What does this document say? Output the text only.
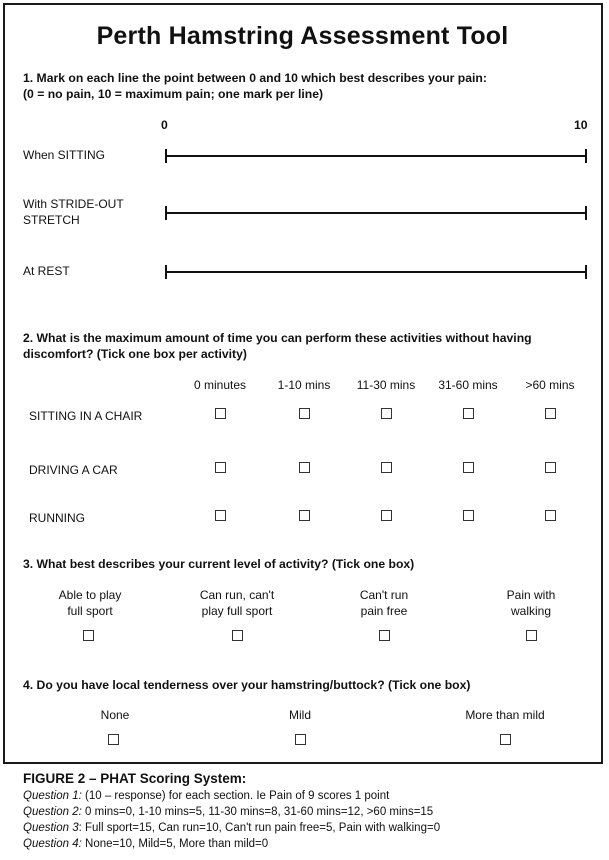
Perth Hamstring Assessment Tool
1. Mark on each line the point between 0 and 10 which best describes your pain:
(0 = no pain, 10 = maximum pain; one mark per line)
0	10
When SITTING
With STRIDE-OUT
STRETCH
At REST
2. What is the maximum amount of time you can perform these activities without having
discomfort? (Tick one box per activity)
0 minutes	1-10 mins	11-30 mins	31-60 mins	>60 mins
SITTING IN A CHAIR
DRIVING A CAR
RUNNING
3. What best describes your current level of activity? (Tick one box)
Able to play
full sport
Can run, can't
play full sport
Can't run
pain free
Pain with
walking
4. Do you have local tenderness over your hamstring/buttock? (Tick one box)
None	Mild	More than mild
FIGURE 2 – PHAT Scoring System:
Question 1: (10 – response) for each section. Ie Pain of 9 scores 1 point
Question 2: 0 mins=0, 1-10 mins=5, 11-30 mins=8, 31-60 mins=12, >60 mins=15
Question 3: Full sport=15, Can run=10, Can't run pain free=5, Pain with walking=0
Question 4: None=10, Mild=5, More than mild=0
